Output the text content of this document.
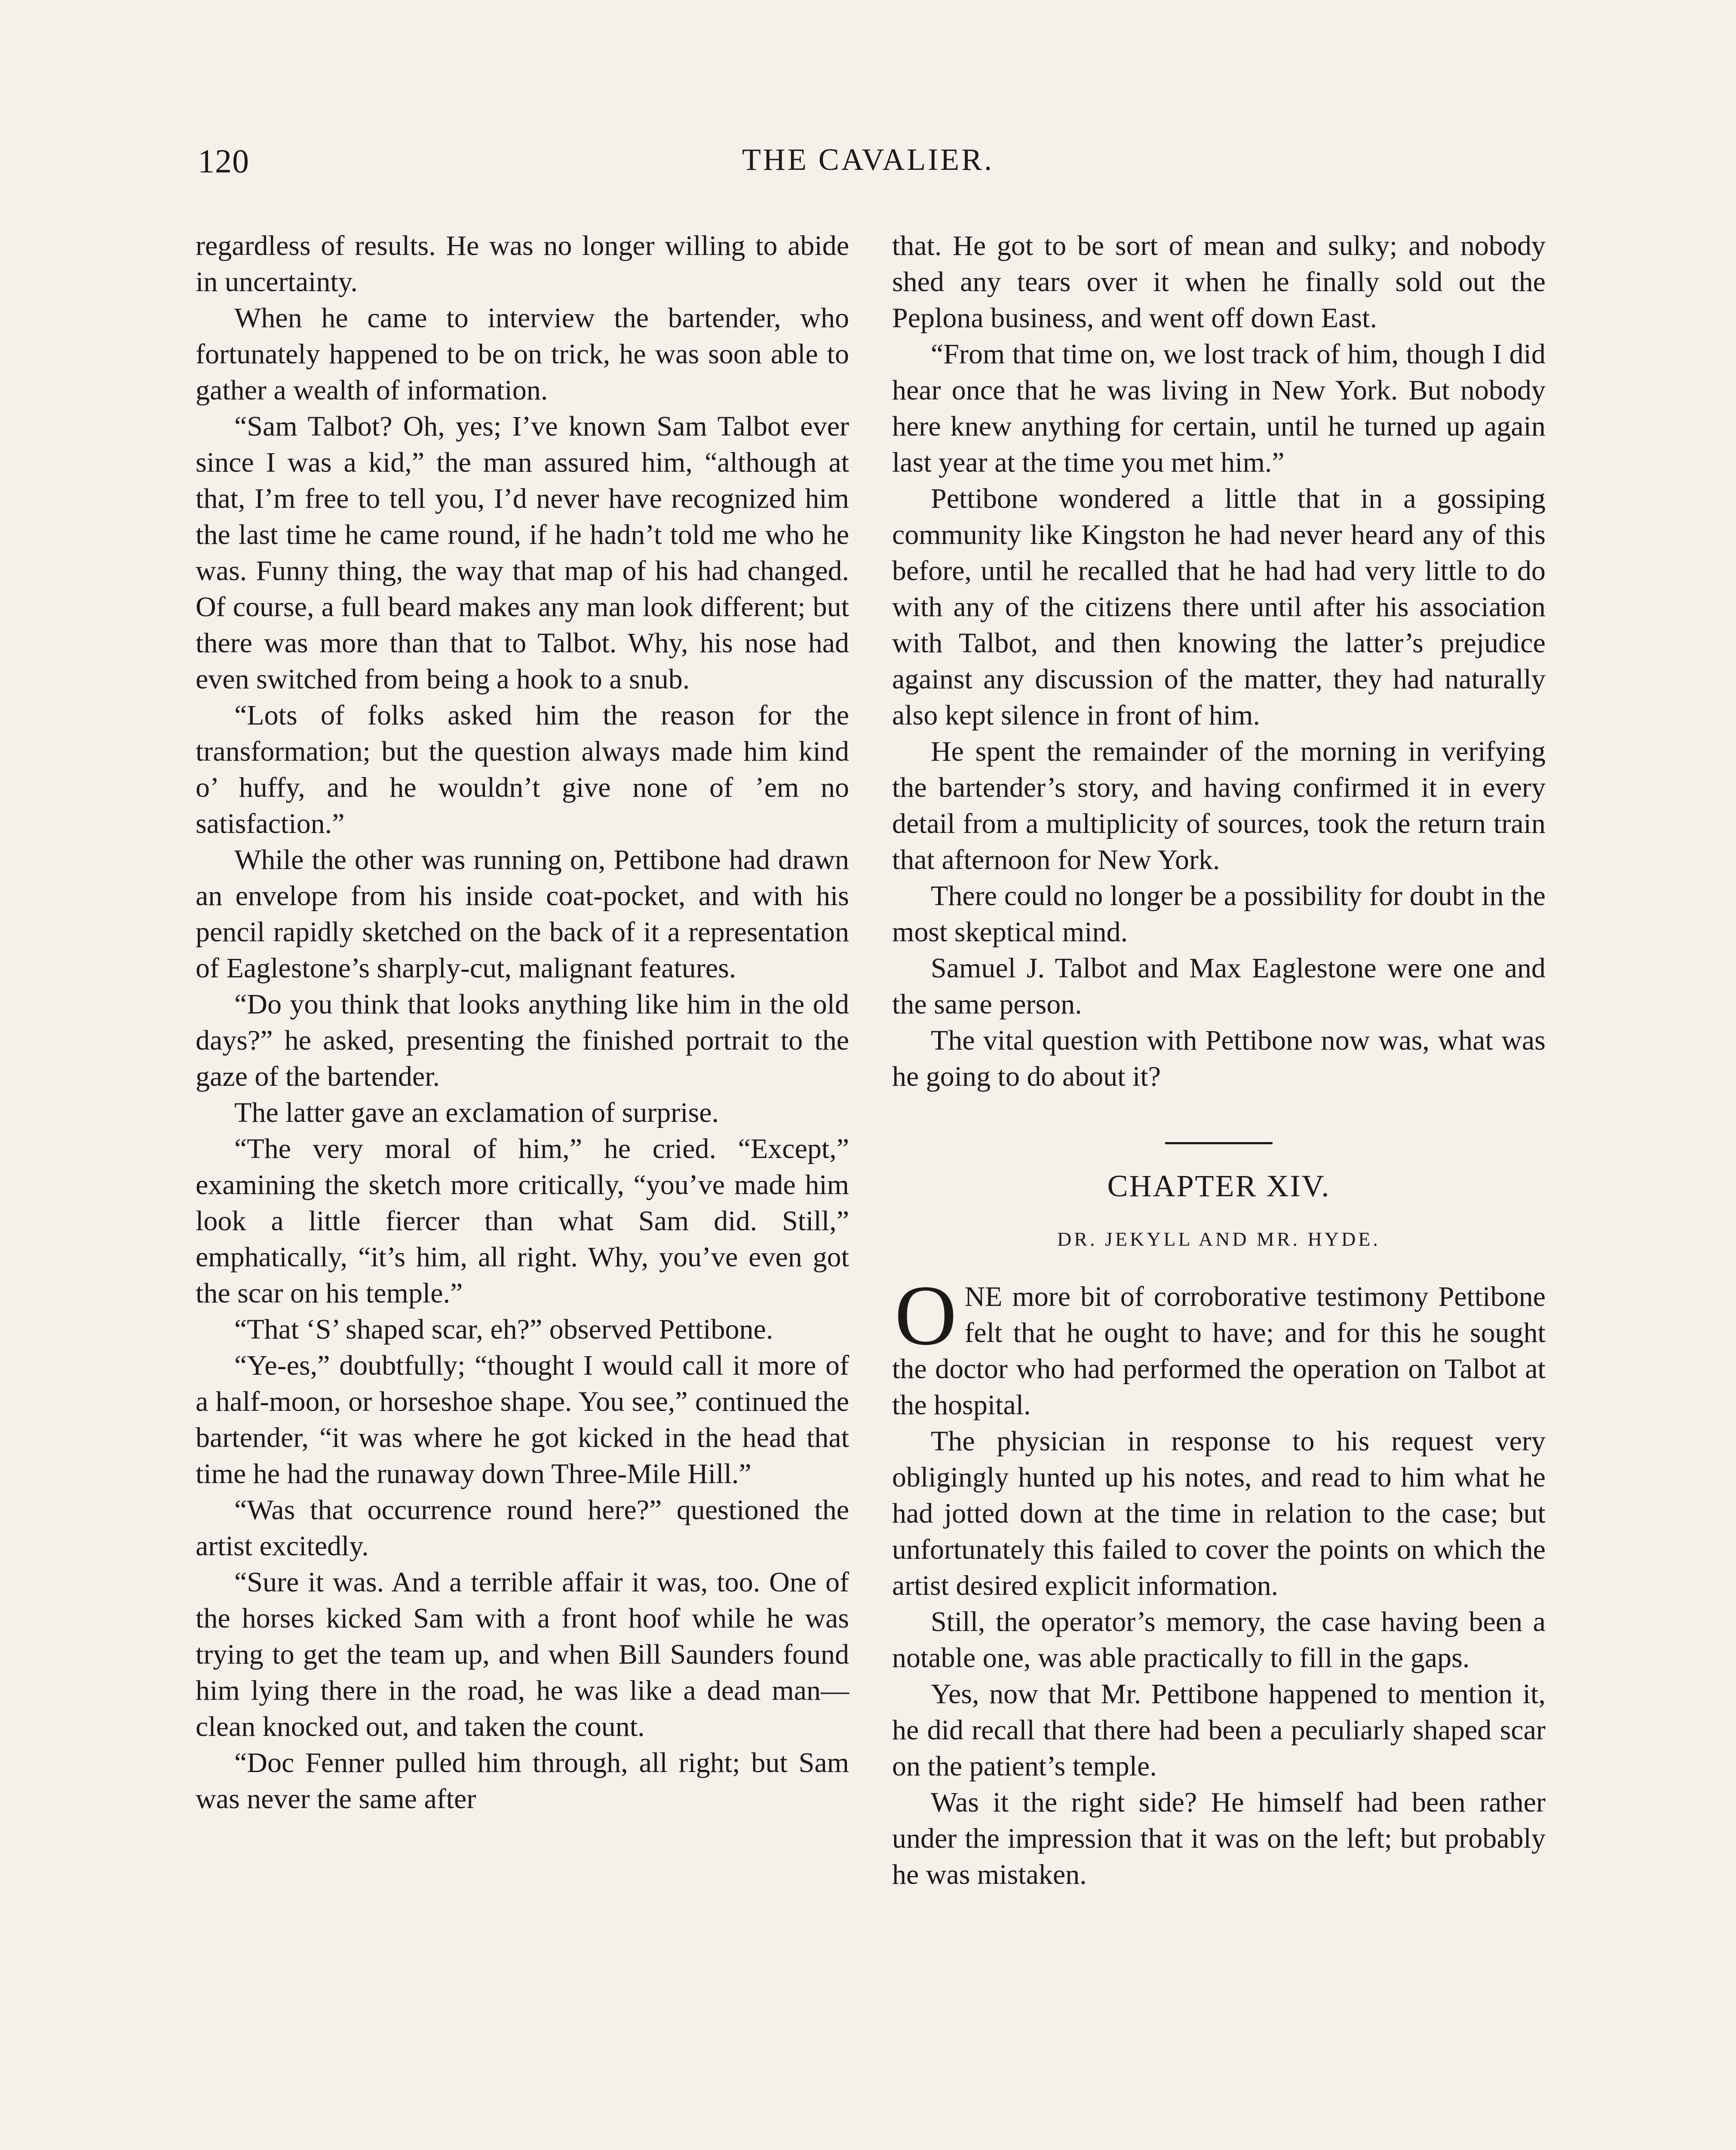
120	THE CAVALIER.

regardless of results. He was no longer willing to abide in uncertainty.

When he came to interview the bartender, who fortunately happened to be on trick, he was soon able to gather a wealth of information.

“Sam Talbot? Oh, yes; I’ve known Sam Talbot ever since I was a kid,” the man assured him, “although at that, I’m free to tell you, I’d never have recognized him the last time he came round, if he hadn’t told me who he was. Funny thing, the way that map of his had changed. Of course, a full beard makes any man look different; but there was more than that to Talbot. Why, his nose had even switched from being a hook to a snub.

“Lots of folks asked him the reason for the transformation; but the question always made him kind o’ huffy, and he wouldn’t give none of ’em no satisfaction.”

While the other was running on, Pettibone had drawn an envelope from his inside coat-pocket, and with his pencil rapidly sketched on the back of it a representation of Eaglestone’s sharply-cut, malignant features.

“Do you think that looks anything like him in the old days?” he asked, presenting the finished portrait to the gaze of the bartender.

The latter gave an exclamation of surprise.

“The very moral of him,” he cried. “Except,” examining the sketch more critically, “you’ve made him look a little fiercer than what Sam did. Still,” emphatically, “it’s him, all right. Why, you’ve even got the scar on his temple.”

“That ‘S’ shaped scar, eh?” observed Pettibone.

“Ye-es,” doubtfully; “thought I would call it more of a half-moon, or horseshoe shape. You see,” continued the bartender, “it was where he got kicked in the head that time he had the runaway down Three-Mile Hill.”

“Was that occurrence round here?” questioned the artist excitedly.

“Sure it was. And a terrible affair it was, too. One of the horses kicked Sam with a front hoof while he was trying to get the team up, and when Bill Saunders found him lying there in the road, he was like a dead man—clean knocked out, and taken the count.

“Doc Fenner pulled him through, all right; but Sam was never the same after

that. He got to be sort of mean and sulky; and nobody shed any tears over it when he finally sold out the Peplona business, and went off down East.

“From that time on, we lost track of him, though I did hear once that he was living in New York. But nobody here knew anything for certain, until he turned up again last year at the time you met him.”

Pettibone wondered a little that in a gossiping community like Kingston he had never heard any of this before, until he recalled that he had had very little to do with any of the citizens there until after his association with Talbot, and then knowing the latter’s prejudice against any discussion of the matter, they had naturally also kept silence in front of him.

He spent the remainder of the morning in verifying the bartender’s story, and having confirmed it in every detail from a multiplicity of sources, took the return train that afternoon for New York.

There could no longer be a possibility for doubt in the most skeptical mind.

Samuel J. Talbot and Max Eaglestone were one and the same person.

The vital question with Pettibone now was, what was he going to do about it?

CHAPTER XIV.
DR. JEKYLL AND MR. HYDE.

ONE more bit of corroborative testimony Pettibone felt that he ought to have; and for this he sought the doctor who had performed the operation on Talbot at the hospital.

The physician in response to his request very obligingly hunted up his notes, and read to him what he had jotted down at the time in relation to the case; but unfortunately this failed to cover the points on which the artist desired explicit information.

Still, the operator’s memory, the case having been a notable one, was able practically to fill in the gaps.

Yes, now that Mr. Pettibone happened to mention it, he did recall that there had been a peculiarly shaped scar on the patient’s temple.

Was it the right side? He himself had been rather under the impression that it was on the left; but probably he was mistaken.
